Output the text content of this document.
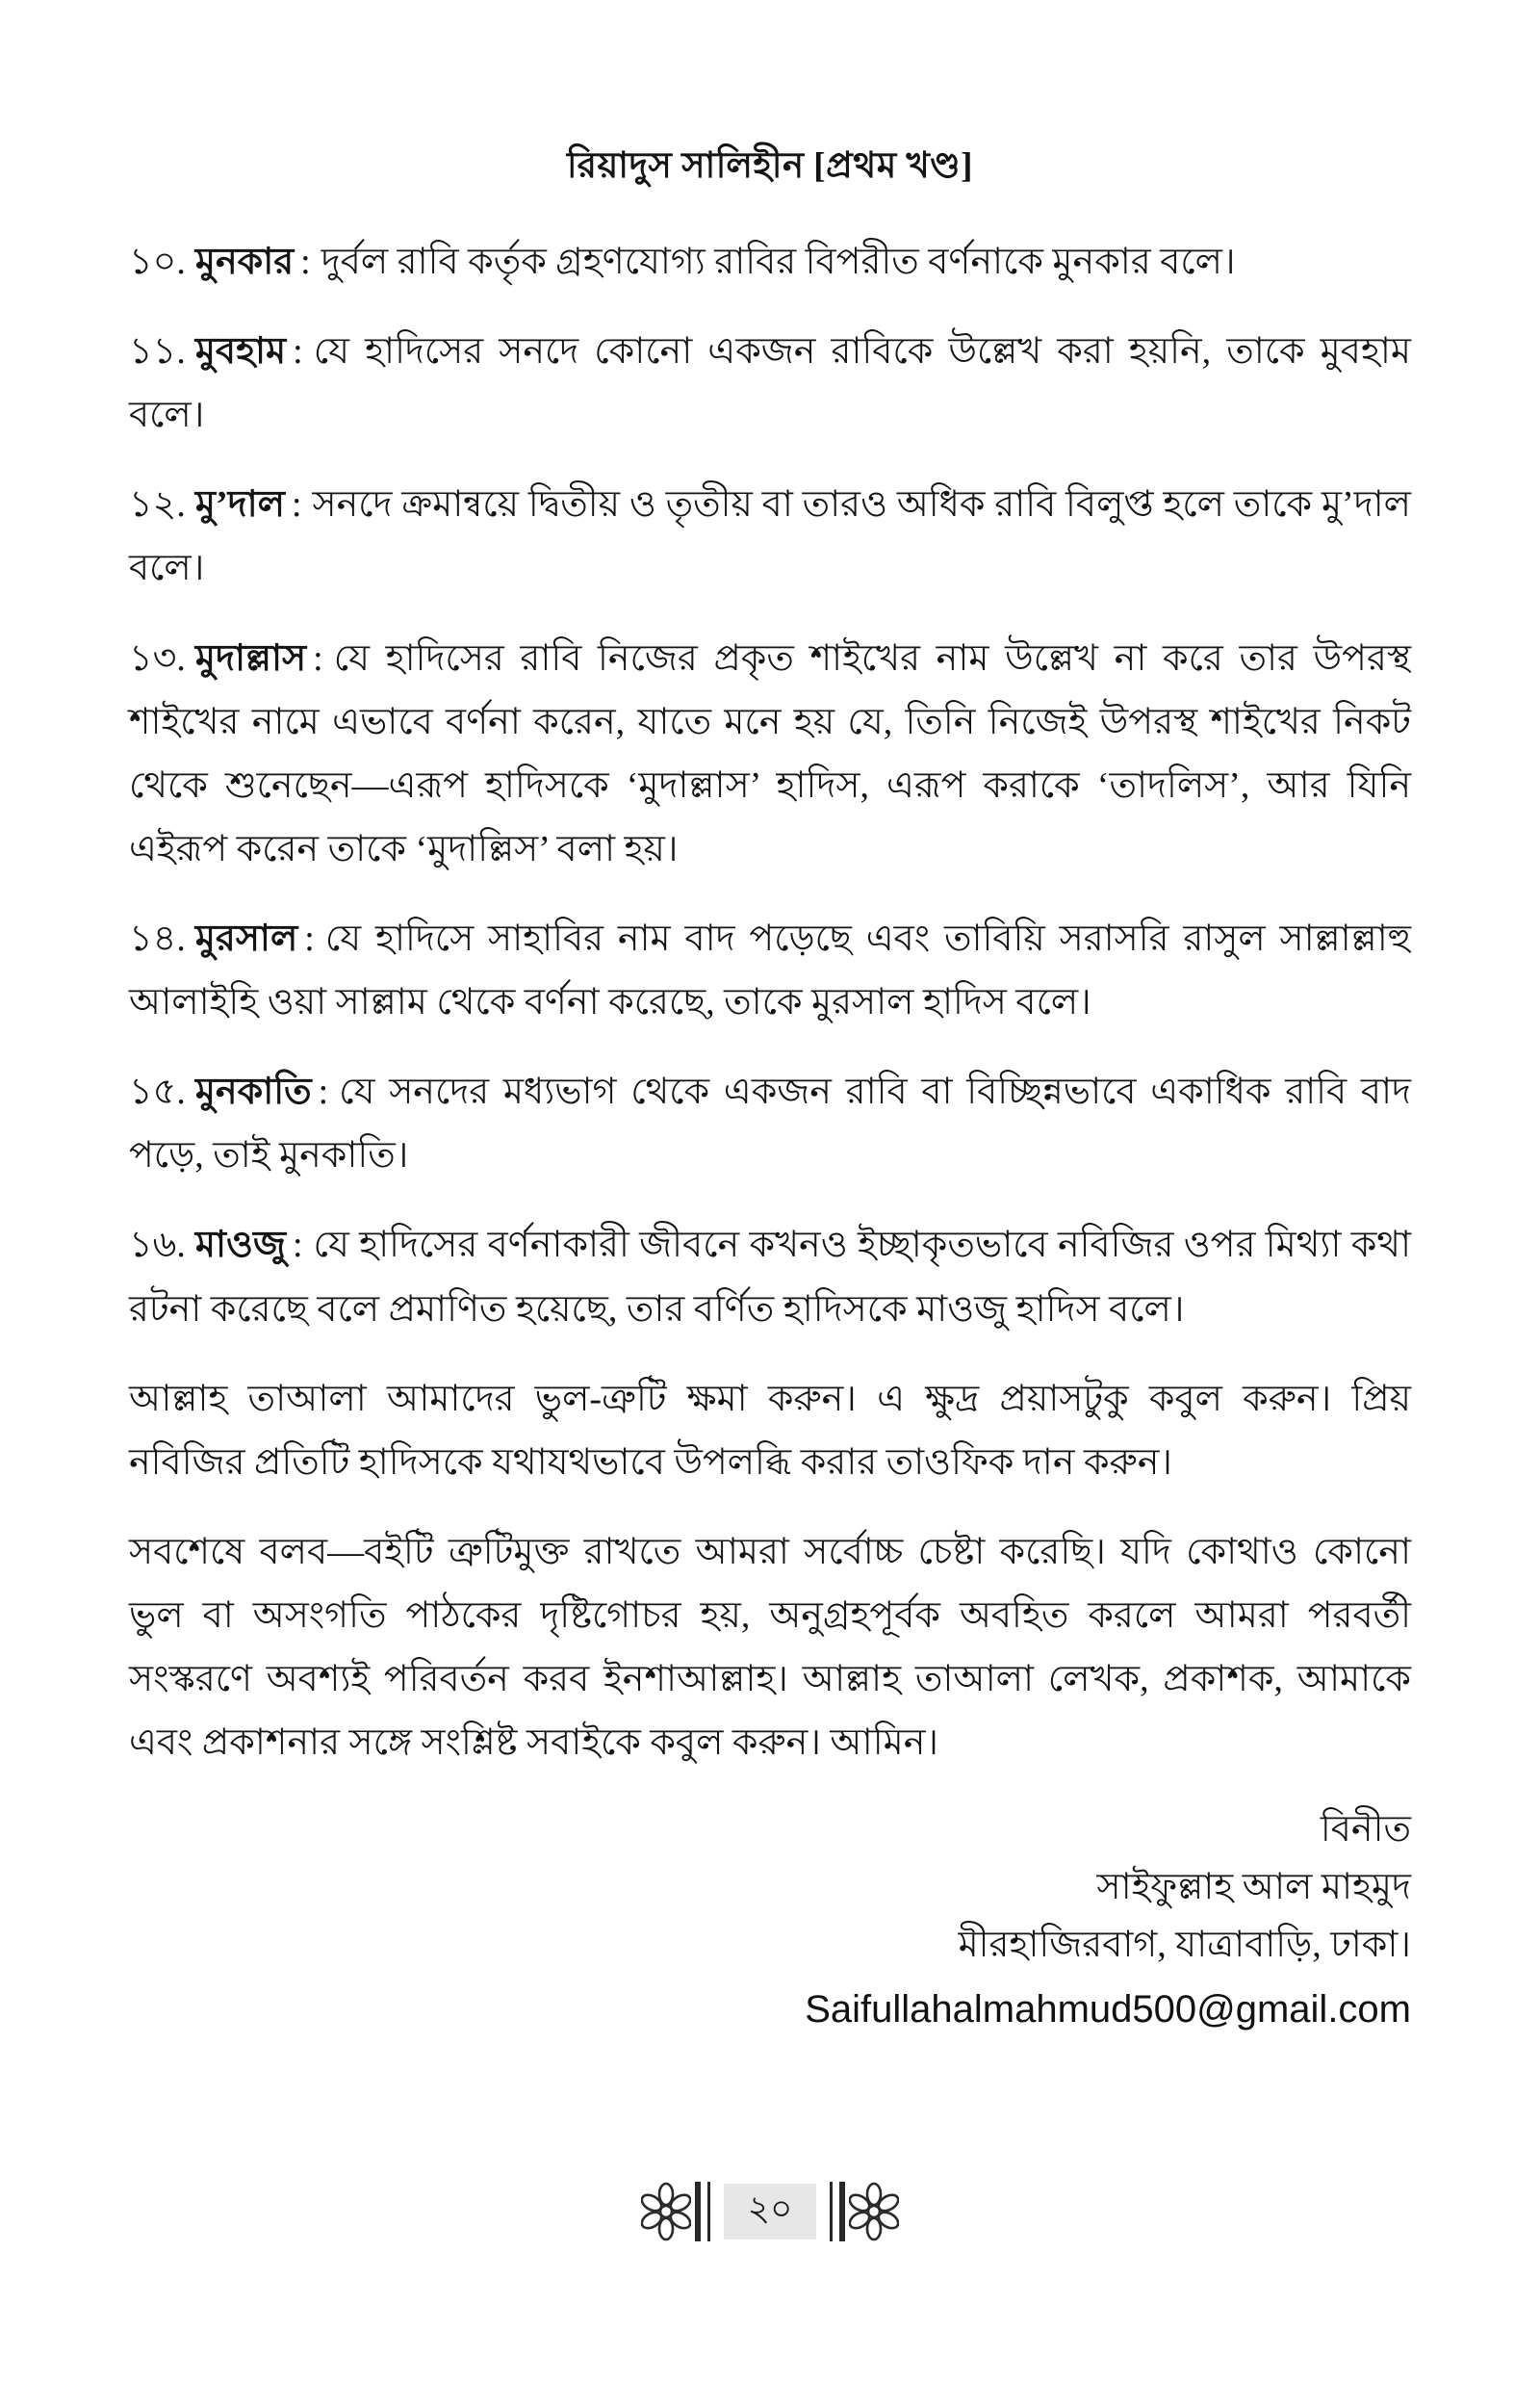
রিয়াদুস সালিহীন [প্রথম খণ্ড]

১০. মুনকার : দুর্বল রাবি কর্তৃক গ্রহণযোগ্য রাবির বিপরীত বর্ণনাকে মুনকার বলে।

১১. মুবহাম : যে হাদিসের সনদে কোনো একজন রাবিকে উল্লেখ করা হয়নি, তাকে মুবহাম বলে।

১২. মু’দাল : সনদে ক্রমান্বয়ে দ্বিতীয় ও তৃতীয় বা তারও অধিক রাবি বিলুপ্ত হলে তাকে মু’দাল বলে।

১৩. মুদাল্লাস : যে হাদিসের রাবি নিজের প্রকৃত শাইখের নাম উল্লেখ না করে তার উপরস্থ শাইখের নামে এভাবে বর্ণনা করেন, যাতে মনে হয় যে, তিনি নিজেই উপরস্থ শাইখের নিকট থেকে শুনেছেন—এরূপ হাদিসকে ‘মুদাল্লাস’ হাদিস, এরূপ করাকে ‘তাদলিস’, আর যিনি এইরূপ করেন তাকে ‘মুদাল্লিস’ বলা হয়।

১৪. মুরসাল : যে হাদিসে সাহাবির নাম বাদ পড়েছে এবং তাবিয়ি সরাসরি রাসুল সাল্লাল্লাহু আলাইহি ওয়া সাল্লাম থেকে বর্ণনা করেছে, তাকে মুরসাল হাদিস বলে।

১৫. মুনকাতি : যে সনদের মধ্যভাগ থেকে একজন রাবি বা বিচ্ছিন্নভাবে একাধিক রাবি বাদ পড়ে, তাই মুনকাতি।

১৬. মাওজু : যে হাদিসের বর্ণনাকারী জীবনে কখনও ইচ্ছাকৃতভাবে নবিজির ওপর মিথ্যা কথা রটনা করেছে বলে প্রমাণিত হয়েছে, তার বর্ণিত হাদিসকে মাওজু হাদিস বলে।

আল্লাহ তাআলা আমাদের ভুল-ত্রুটি ক্ষমা করুন। এ ক্ষুদ্র প্রয়াসটুকু কবুল করুন। প্রিয় নবিজির প্রতিটি হাদিসকে যথাযথভাবে উপলব্ধি করার তাওফিক দান করুন।

সবশেষে বলব—বইটি ত্রুটিমুক্ত রাখতে আমরা সর্বোচ্চ চেষ্টা করেছি। যদি কোথাও কোনো ভুল বা অসংগতি পাঠকের দৃষ্টিগোচর হয়, অনুগ্রহপূর্বক অবহিত করলে আমরা পরবর্তী সংস্করণে অবশ্যই পরিবর্তন করব ইনশাআল্লাহ। আল্লাহ তাআলা লেখক, প্রকাশক, আমাকে এবং প্রকাশনার সঙ্গে সংশ্লিষ্ট সবাইকে কবুল করুন। আমিন।

বিনীত
সাইফুল্লাহ আল মাহমুদ
মীরহাজিরবাগ, যাত্রাবাড়ি, ঢাকা।
Saifullahalmahmud500@gmail.com
২০
